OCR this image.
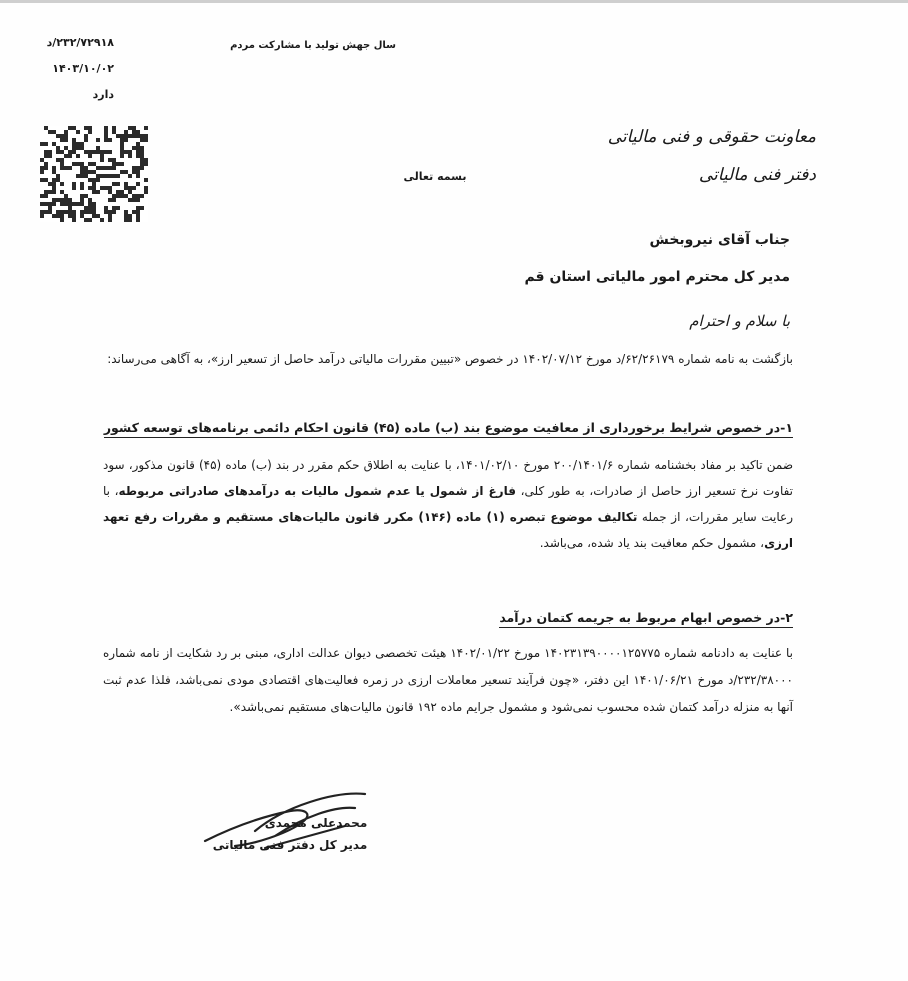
۲۳۲/۷۲۹۱۸/د
۱۴۰۳/۱۰/۰۲
دارد
سال جهش تولید با مشارکت مردم
معاونت حقوقی و فنی مالیاتی
دفتر فنی مالیاتی
بسمه تعالی
جناب آقای نیروبخش
مدیر کل محترم امور مالیاتی استان قم
با سلام و احترام
بازگشت به نامه شماره ۶۲/۲۶۱۷۹/د مورخ ۱۴۰۲/۰۷/۱۲ در خصوص «تبیین مقررات مالیاتی درآمد حاصل از تسعیر ارز»، به آگاهی می‌رساند:
۱-در خصوص شرایط برخورداری از معافیت موضوع بند (ب) ماده (۴۵) قانون احکام دائمی برنامه‌های توسعه کشور
ضمن تاکید بر مفاد بخشنامه شماره ۲۰۰/۱۴۰۱/۶ مورخ ۱۴۰۱/۰۲/۱۰، با عنایت به اطلاق حکم مقرر در بند (ب) ماده (۴۵) قانون مذکور، سود تفاوت نرخ تسعیر ارز حاصل از صادرات، به طور کلی، فارغ از شمول یا عدم شمول مالیات به درآمدهای صادراتی مربوطه، با رعایت سایر مقررات، از جمله تکالیف موضوع تبصره (۱) ماده (۱۴۶) مکرر قانون مالیات‌های مستقیم و مقررات رفع تعهد ارزی، مشمول حکم معافیت بند یاد شده، می‌باشد.
۲-در خصوص ابهام مربوط به جریمه کتمان درآمد
با عنایت به دادنامه شماره ۱۴۰۲۳۱۳۹۰۰۰۰۱۲۵۷۷۵ مورخ ۱۴۰۲/۰۱/۲۲ هیئت تخصصی دیوان عدالت اداری، مبنی بر رد شکایت از نامه شماره ۲۳۲/۳۸۰۰۰/د مورخ ۱۴۰۱/۰۶/۲۱ این دفتر، «چون فرآیند تسعیر معاملات ارزی در زمره فعالیت‌های اقتصادی مودی نمی‌باشد، فلذا عدم ثبت آنها به منزله درآمد کتمان شده محسوب نمی‌شود و مشمول جرایم ماده ۱۹۲ قانون مالیات‌های مستقیم نمی‌باشد».
محمدعلی محمدی
مدیر کل دفتر فنی مالیاتی
